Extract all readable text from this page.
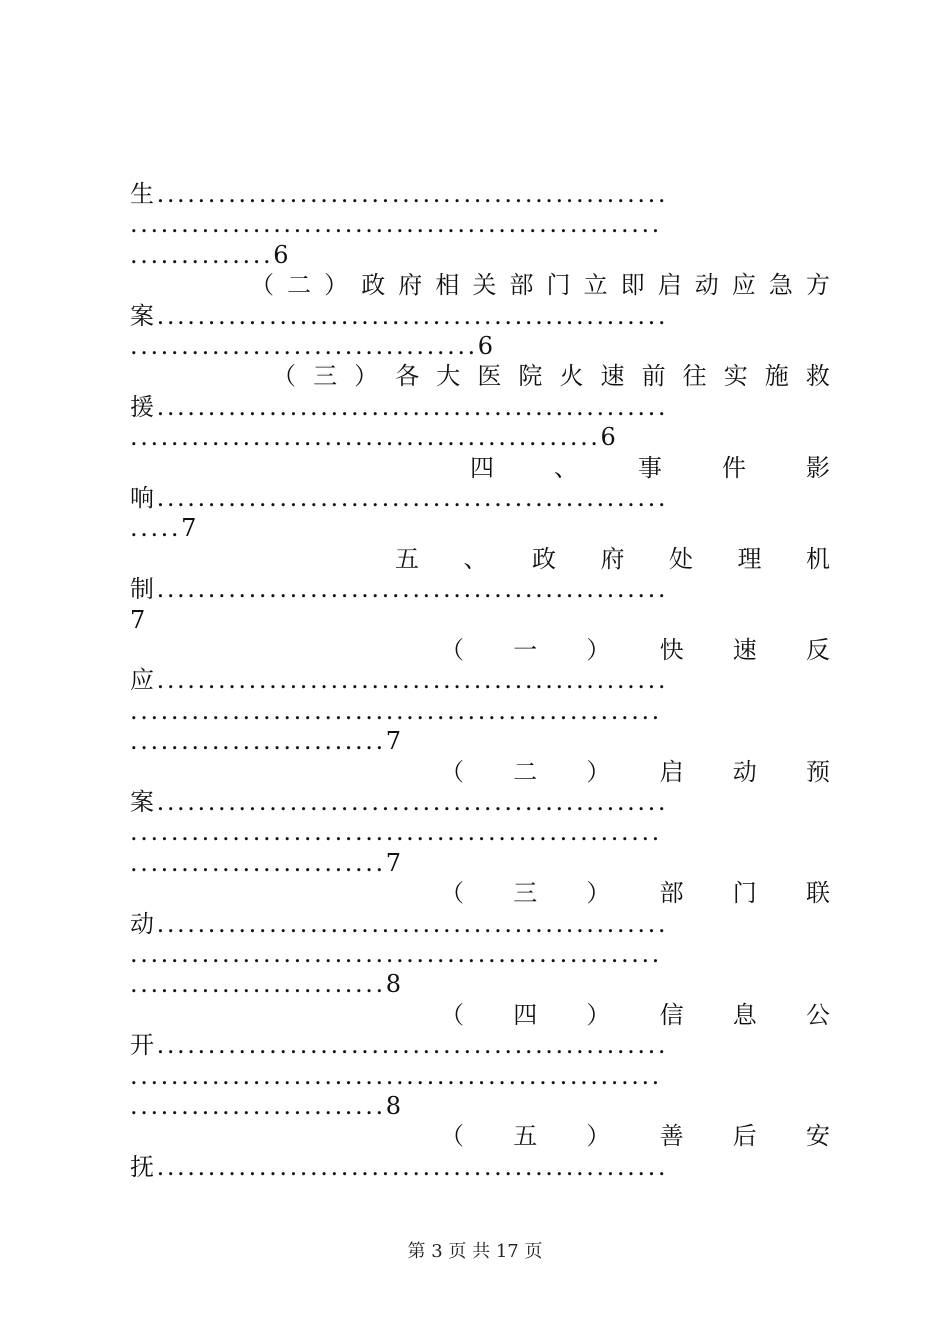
生..................................................
....................................................
..............6
（ 二 ） 政 府 相 关 部 门 立 即 启 动 应 急 方
案..................................................
..................................6
（ 三 ） 各 大 医 院 火 速 前 往 实 施 救
援..................................................
..............................................6
四	、	事	件	影
响..................................................
.....7
五 、 政 府 处 理 机
制..................................................
7
（ 一 ） 快 速 反
应..................................................
....................................................
.........................7
（ 二 ） 启 动 预
案..................................................
....................................................
.........................7
（ 三 ） 部 门 联
动..................................................
....................................................
.........................8
（ 四 ） 信 息 公
开..................................................
....................................................
.........................8
（ 五 ） 善 后 安
抚..................................................
第 3 页 共 17 页
